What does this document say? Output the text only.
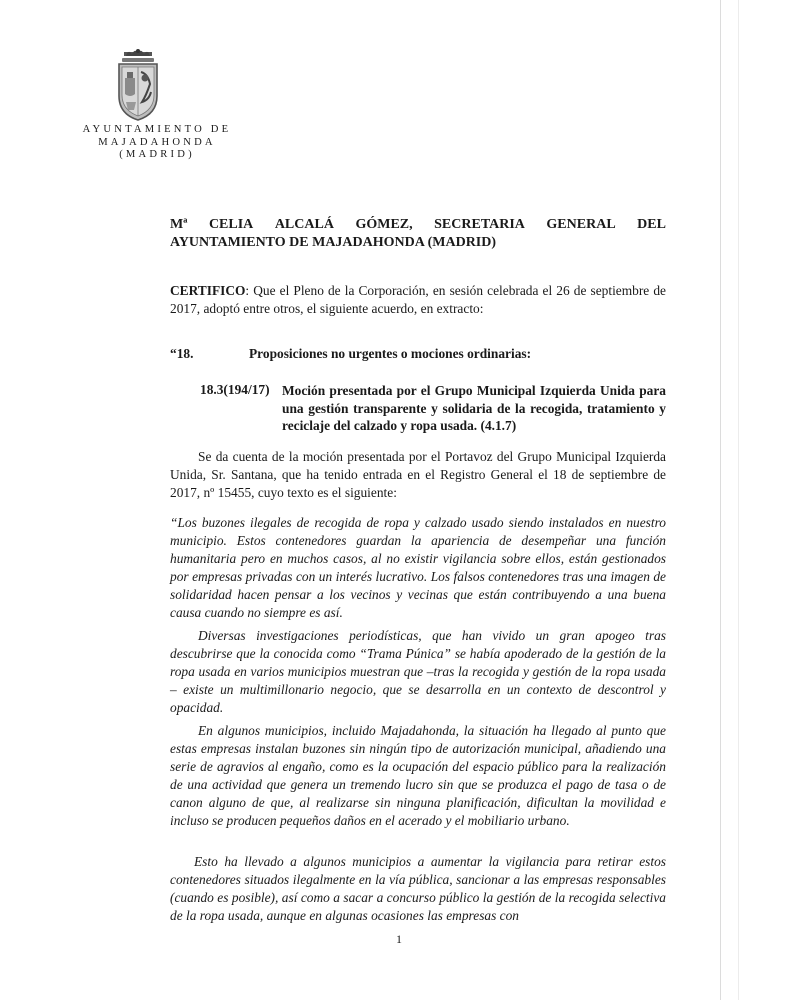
AYUNTAMIENTO DE
MAJADAHONDA
(MADRID)
Mª CELIA ALCALÁ GÓMEZ, SECRETARIA GENERAL DEL
AYUNTAMIENTO DE MAJADAHONDA (MADRID)
CERTIFICO: Que el Pleno de la Corporación, en sesión celebrada el 26 de septiembre de 2017, adoptó entre otros, el siguiente acuerdo, en extracto:
“18.	Proposiciones no urgentes o mociones ordinarias:
18.3(194/17) Moción presentada por el Grupo Municipal Izquierda Unida para una gestión transparente y solidaria de la recogida, tratamiento y reciclaje del calzado y ropa usada. (4.1.7)
Se da cuenta de la moción presentada por el Portavoz del Grupo Municipal Izquierda Unida, Sr. Santana, que ha tenido entrada en el Registro General el 18 de septiembre de 2017, nº 15455, cuyo texto es el siguiente:
“Los buzones ilegales de recogida de ropa y calzado usado siendo instalados en nuestro municipio. Estos contenedores guardan la apariencia de desempeñar una función humanitaria pero en muchos casos, al no existir vigilancia sobre ellos, están gestionados por empresas privadas con un interés lucrativo. Los falsos contenedores tras una imagen de solidaridad hacen pensar a los vecinos y vecinas que están contribuyendo a una buena causa cuando no siempre es así.
Diversas investigaciones periodísticas, que han vivido un gran apogeo tras descubrirse que la conocida como “Trama Púnica” se había apoderado de la gestión de la ropa usada en varios municipios muestran que –tras la recogida y gestión de la ropa usada – existe un multimillonario negocio, que se desarrolla en un contexto de descontrol y opacidad.
En algunos municipios, incluido Majadahonda, la situación ha llegado al punto que estas empresas instalan buzones sin ningún tipo de autorización municipal, añadiendo una serie de agravios al engaño, como es la ocupación del espacio público para la realización de una actividad que genera un tremendo lucro sin que se produzca el pago de tasa o de canon alguno de que, al realizarse sin ninguna planificación, dificultan la movilidad e incluso se producen pequeños daños en el acerado y el mobiliario urbano.
Esto ha llevado a algunos municipios a aumentar la vigilancia para retirar estos contenedores situados ilegalmente en la vía pública, sancionar a las empresas responsables (cuando es posible), así como a sacar a concurso público la gestión de la recogida selectiva de la ropa usada, aunque en algunas ocasiones las empresas con
1
